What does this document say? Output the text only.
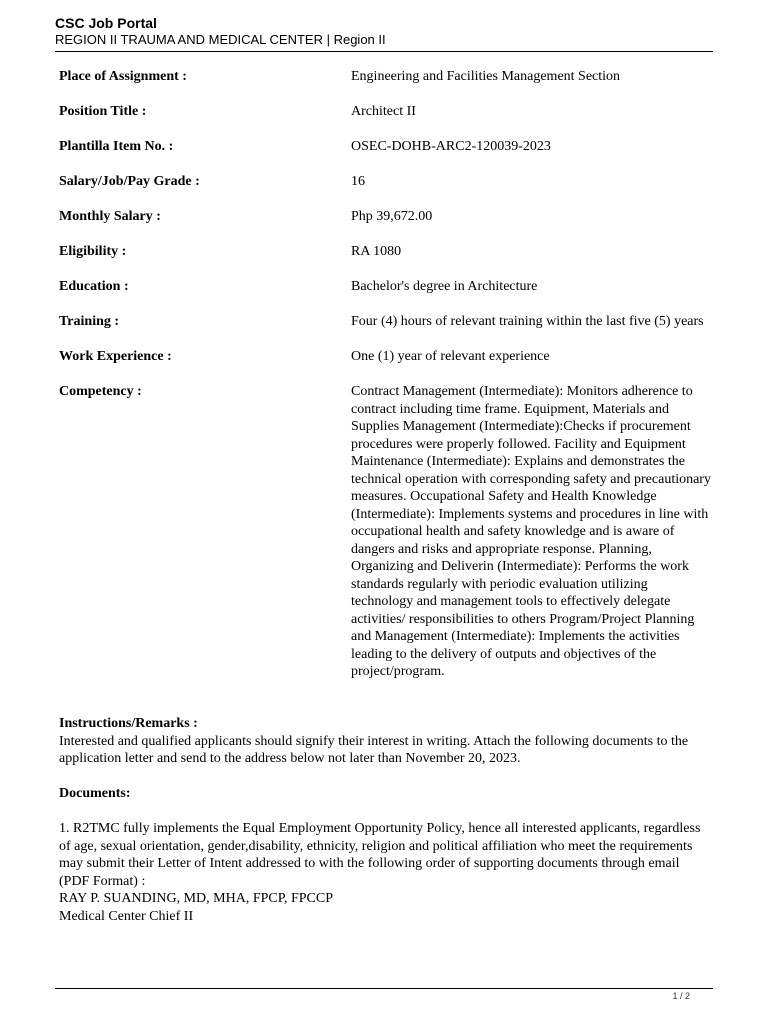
CSC Job Portal
REGION II TRAUMA AND MEDICAL CENTER | Region II
Place of Assignment :	Engineering and Facilities Management Section
Position Title :	Architect II
Plantilla Item No. :	OSEC-DOHB-ARC2-120039-2023
Salary/Job/Pay Grade :	16
Monthly Salary :	Php 39,672.00
Eligibility :	RA 1080
Education :	Bachelor's degree in Architecture
Training :	Four (4) hours of relevant training within the last five (5) years
Work Experience :	One (1) year of relevant experience
Competency :	Contract Management (Intermediate): Monitors adherence to contract including time frame. Equipment, Materials and Supplies Management (Intermediate):Checks if procurement procedures were properly followed. Facility and Equipment Maintenance (Intermediate): Explains and demonstrates the technical operation with corresponding safety and precautionary measures. Occupational Safety and Health Knowledge (Intermediate): Implements systems and procedures in line with occupational health and safety knowledge and is aware of dangers and risks and appropriate response. Planning, Organizing and Deliverin (Intermediate): Performs the work standards regularly with periodic evaluation utilizing technology and management tools to effectively delegate activities/ responsibilities to others Program/Project Planning and Management (Intermediate): Implements the activities leading to the delivery of outputs and objectives of the project/program.

Instructions/Remarks :

Interested and qualified applicants should signify their interest in writing. Attach the following documents to the application letter and send to the address below not later than November 20, 2023.

Documents:

1. R2TMC fully implements the Equal Employment Opportunity Policy, hence all interested applicants, regardless of age, sexual orientation, gender,disability, ethnicity, religion and political affiliation who meet the requirements may submit their Letter of Intent addressed to with the following order of supporting documents through email (PDF Format) :

RAY P. SUANDING, MD, MHA, FPCP, FPCCP

Medical Center Chief II

1 / 2
